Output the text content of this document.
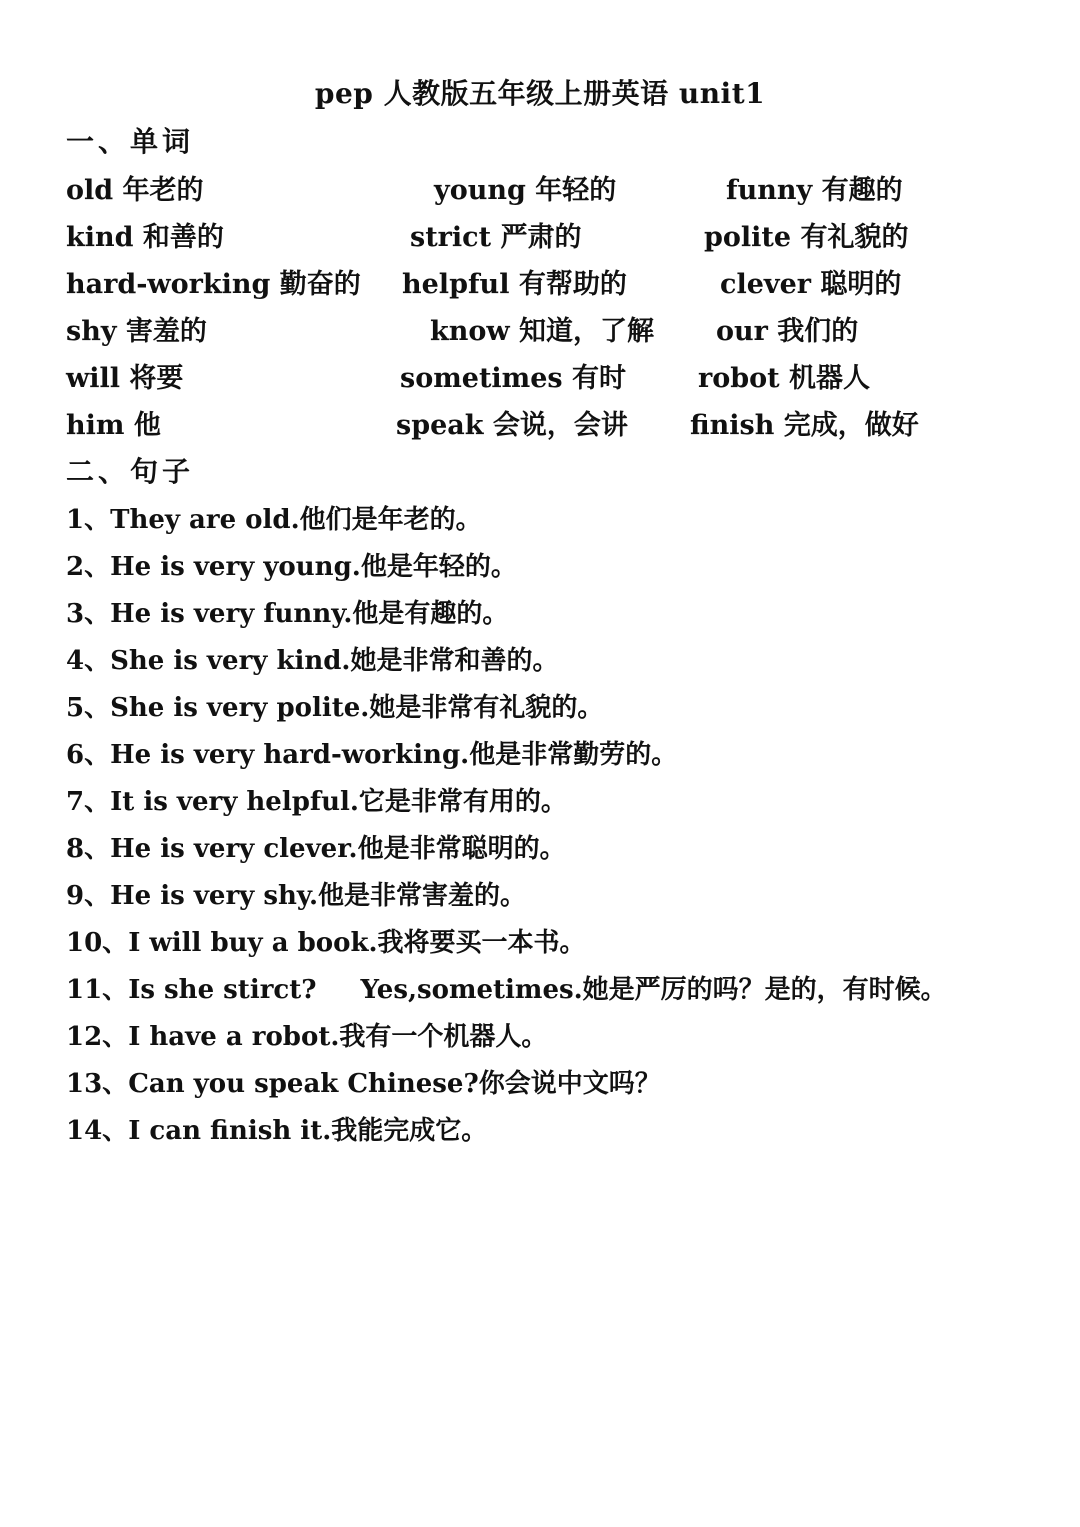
pep 人教版五年级上册英语 unit1
一、单词
old 年老的	young 年轻的	funny 有趣的
kind 和善的	strict 严肃的	polite 有礼貌的
hard-working 勤奋的 helpful 有帮助的	clever 聪明的
shy 害羞的	know 知道，了解 our 我们的
will 将要	sometimes 有时	robot 机器人
him 他	speak 会说，会讲 finish 完成，做好
二、句子
1、They are old.他们是年老的。
2、He is very young.他是年轻的。
3、He is very funny.他是有趣的。
4、She is very kind.她是非常和善的。
5、She is very polite.她是非常有礼貌的。
6、He is very hard-working.他是非常勤劳的。
7、It is very helpful.它是非常有用的。
8、He is very clever.他是非常聪明的。
9、He is very shy.他是非常害羞的。
10、I will buy a book.我将要买一本书。
11、Is she stirct? Yes,sometimes.她是严厉的吗？是的，有时候。
12、I have a robot.我有一个机器人。
13、Can you speak Chinese?你会说中文吗？
14、I can finish it.我能完成它。
